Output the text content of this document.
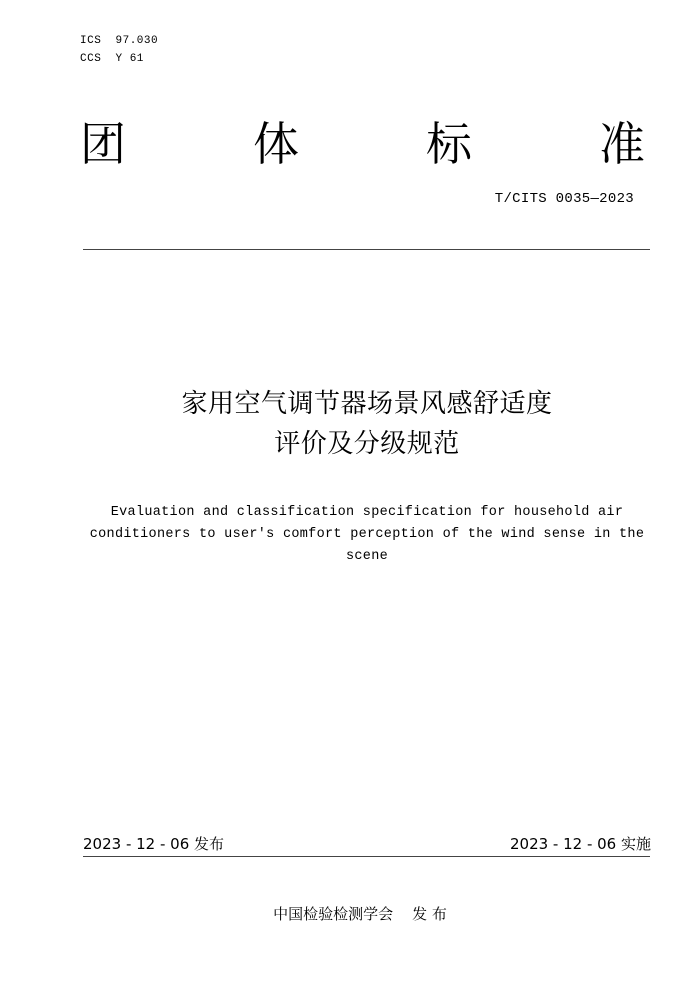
ICS  97.030
CCS  Y 61
团	体	标	准
T/CITS 0035—2023
家用空气调节器场景风感舒适度
评价及分级规范
Evaluation and classification specification for household air
conditioners to user's comfort perception of the wind sense in the
scene
2023 - 12 - 06 发布	2023 - 12 - 06 实施
中国检验检测学会    发 布
